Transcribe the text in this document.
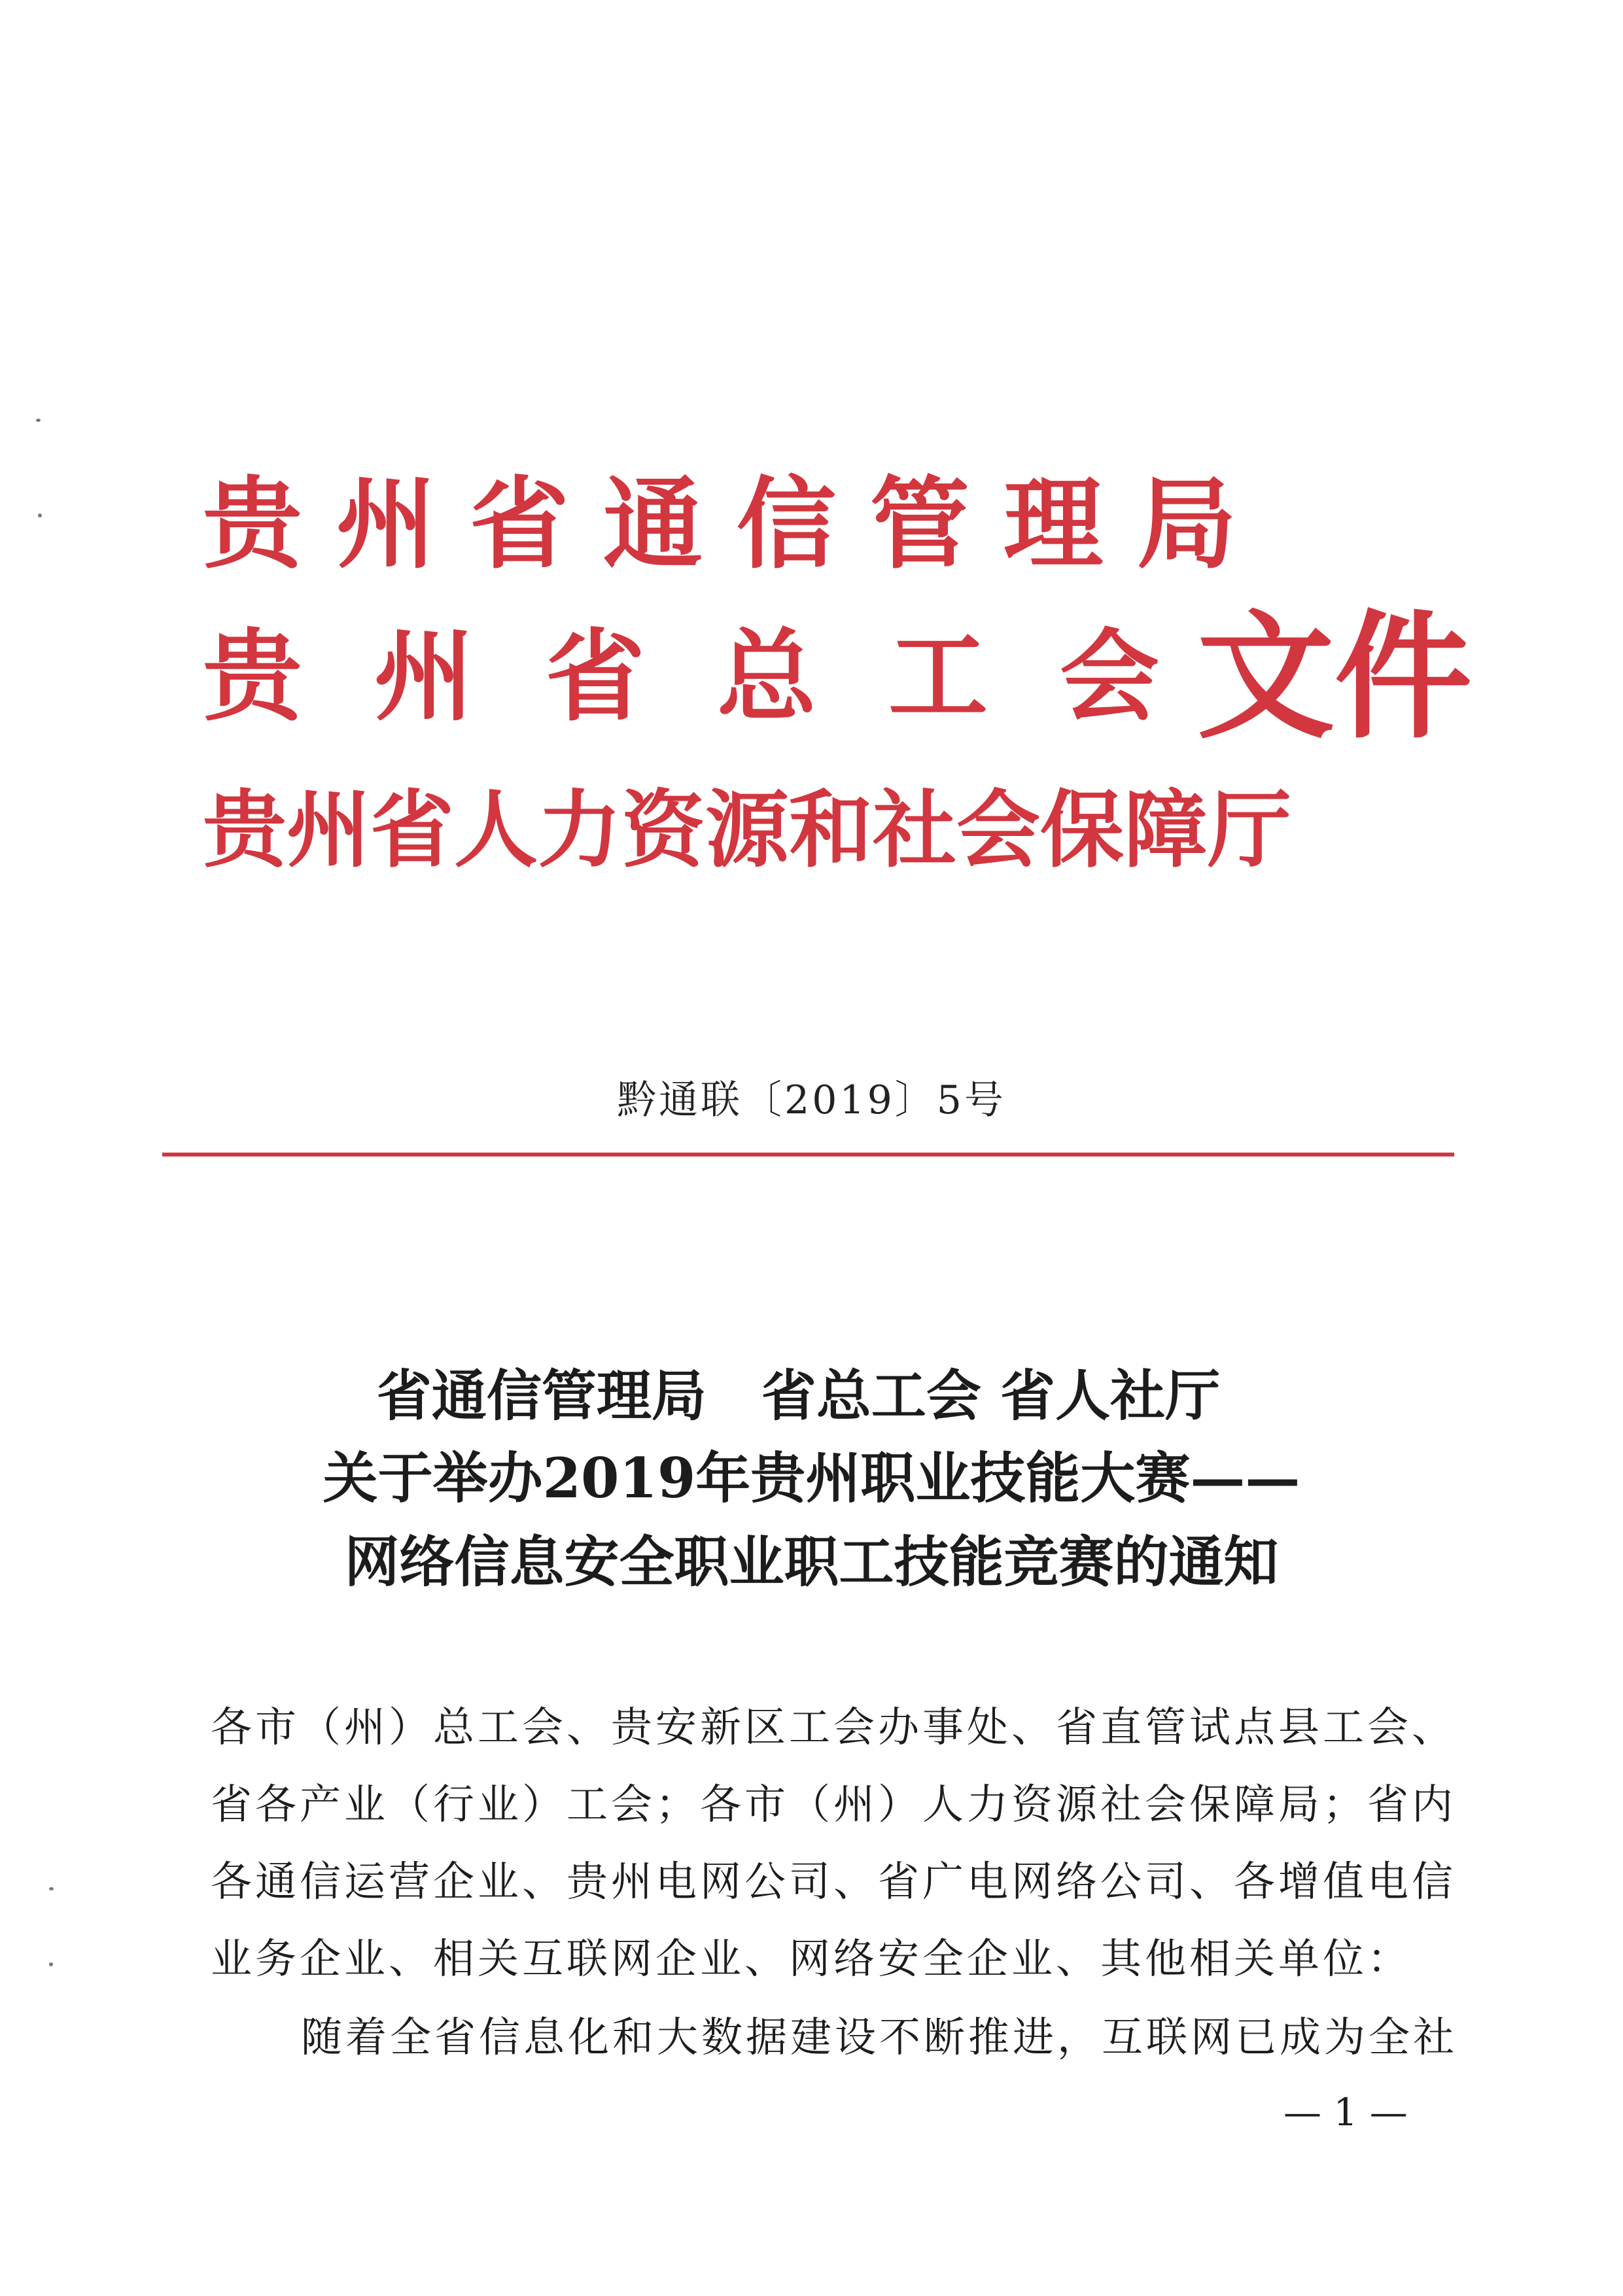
贵州省通信管理局
贵州省总工会
贵州省人力资源和社会保障厅
文件
黔通联〔2019〕5号
省通信管理局　省总工会 省人社厅
关于举办2019年贵州职业技能大赛——
网络信息安全职业职工技能竞赛的通知
各市（州）总工会、贵安新区工会办事处、省直管试点县工会、
省各产业（行业）工会；各市（州）人力资源社会保障局；省内
各通信运营企业、贵州电网公司、省广电网络公司、各增值电信
业务企业、相关互联网企业、网络安全企业、其他相关单位：
随着全省信息化和大数据建设不断推进，互联网已成为全社
— 1 —
